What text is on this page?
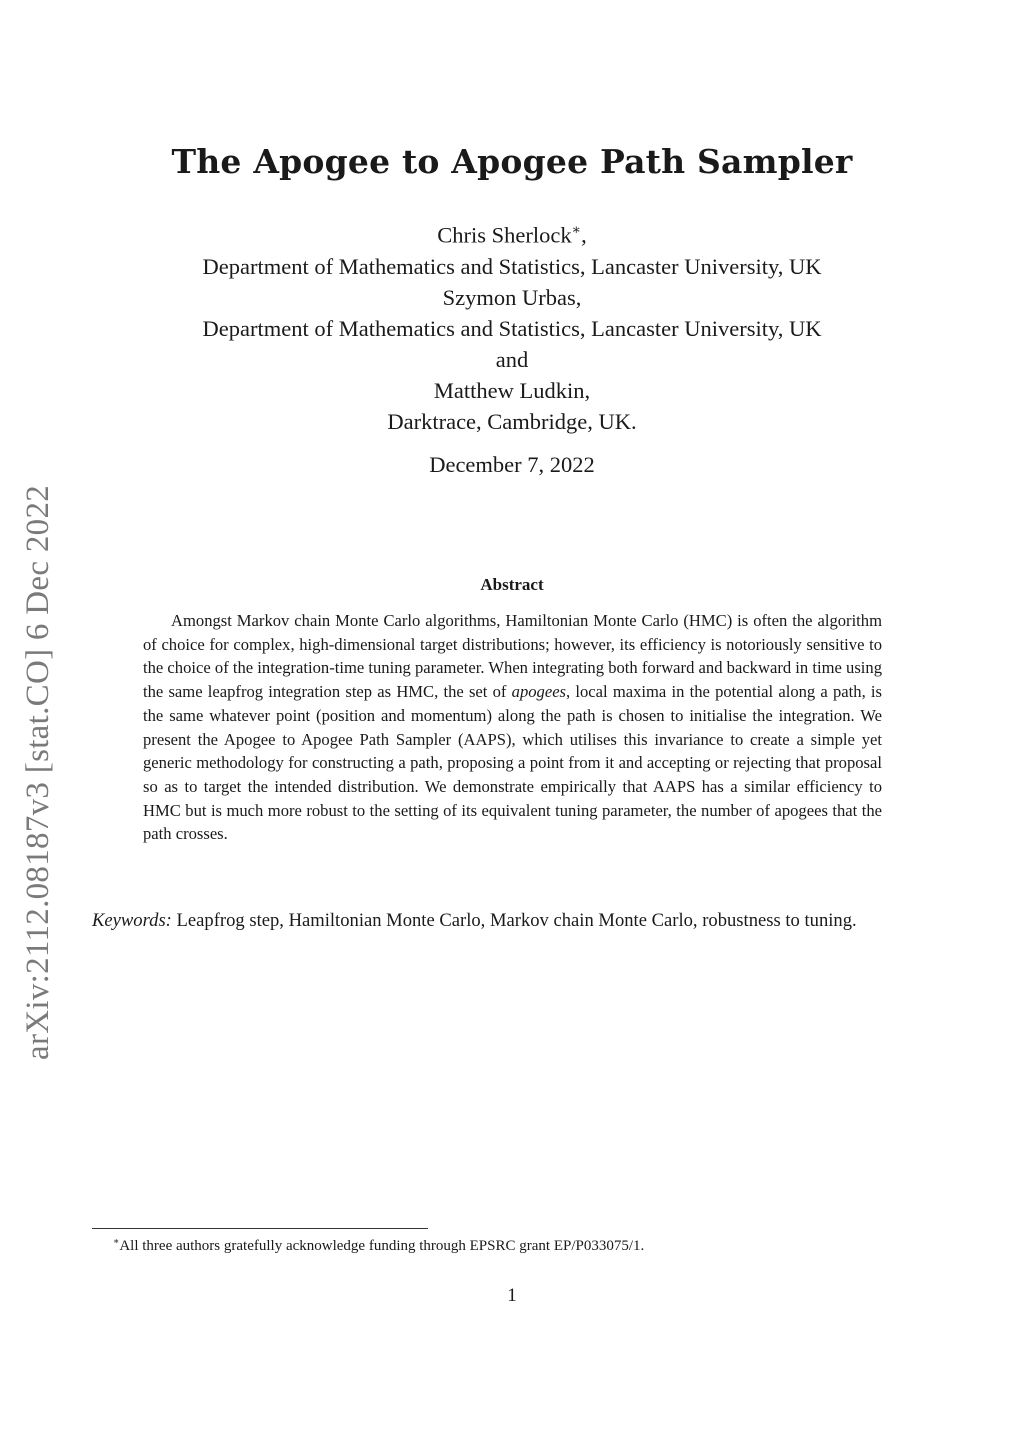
arXiv:2112.08187v3 [stat.CO] 6 Dec 2022
The Apogee to Apogee Path Sampler
Chris Sherlock∗,
Department of Mathematics and Statistics, Lancaster University, UK
Szymon Urbas,
Department of Mathematics and Statistics, Lancaster University, UK
and
Matthew Ludkin,
Darktrace, Cambridge, UK.
December 7, 2022
Abstract

Amongst Markov chain Monte Carlo algorithms, Hamiltonian Monte Carlo (HMC) is often the algorithm of choice for complex, high-dimensional target distributions; however, its efficiency is notoriously sensitive to the choice of the integration-time tuning parameter. When integrating both forward and backward in time using the same leapfrog integration step as HMC, the set of apogees, local maxima in the potential along a path, is the same whatever point (position and momentum) along the path is chosen to initialise the integration. We present the Apogee to Apogee Path Sampler (AAPS), which utilises this invariance to create a simple yet generic methodology for constructing a path, proposing a point from it and accepting or rejecting that proposal so as to target the intended distribution. We demonstrate empirically that AAPS has a similar efficiency to HMC but is much more robust to the setting of its equivalent tuning parameter, the number of apogees that the path crosses.

Keywords: Leapfrog step, Hamiltonian Monte Carlo, Markov chain Monte Carlo, robustness to tuning.

∗All three authors gratefully acknowledge funding through EPSRC grant EP/P033075/1.
1
